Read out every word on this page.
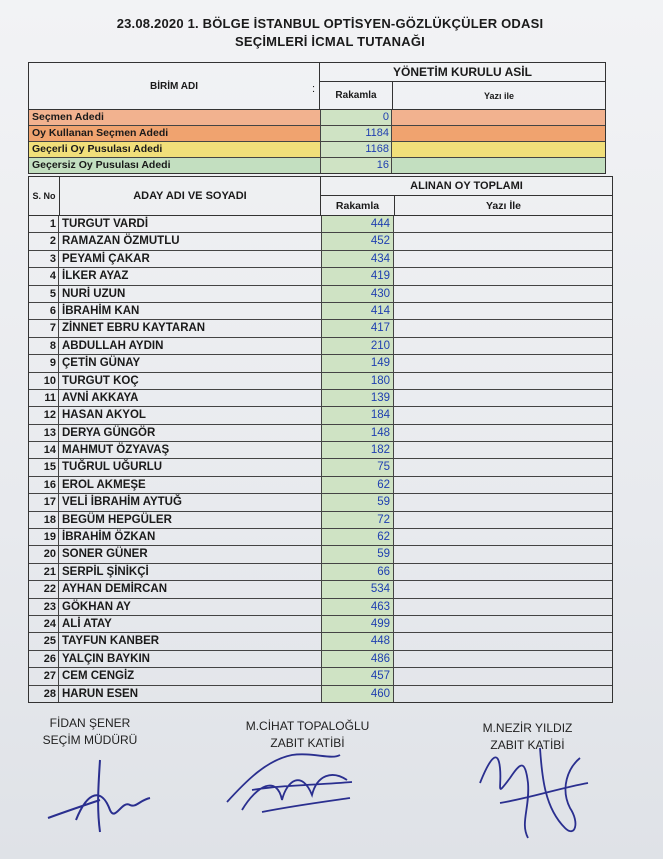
23.08.2020 1. BÖLGE İSTANBUL OPTİSYEN-GÖZLÜKÇÜLER ODASI
SEÇİMLERİ İCMAL TUTANAĞI
BİRİM ADI	:
YÖNETİM KURULU ASİL
Rakamla	Yazı ile
Seçmen Adedi	0
Oy Kullanan Seçmen Adedi	1184
Geçerli Oy Pusulası Adedi	1168
Geçersiz Oy Pusulası Adedi	16
S. No	ADAY ADI VE SOYADI
ALINAN OY TOPLAMI
Rakamla	Yazı İle
1 TURGUT VARDİ	444
2 RAMAZAN ÖZMUTLU	452
3 PEYAMİ ÇAKAR	434
4 İLKER AYAZ	419
5 NURİ UZUN	430
6 İBRAHİM KAN	414
7 ZİNNET EBRU KAYTARAN	417
8 ABDULLAH AYDIN	210
9 ÇETİN GÜNAY	149
10 TURGUT KOÇ	180
11 AVNİ AKKAYA	139
12 HASAN AKYOL	184
13 DERYA GÜNGÖR	148
14 MAHMUT ÖZYAVAŞ	182
15 TUĞRUL UĞURLU	75
16 EROL AKMEŞE	62
17 VELİ İBRAHİM AYTUĞ	59
18 BEGÜM HEPGÜLER	72
19 İBRAHİM ÖZKAN	62
20 SONER GÜNER	59
21 SERPİL ŞİNİKÇİ	66
22 AYHAN DEMİRCAN	534
23 GÖKHAN AY	463
24 ALİ ATAY	499
25 TAYFUN KANBER	448
26 YALÇIN BAYKIN	486
27 CEM CENGİZ	457
28 HARUN ESEN	460
FİDAN ŞENER
SEÇİM MÜDÜRÜ
M.CİHAT TOPALOĞLU
ZABIT KATİBİ
M.NEZİR YILDIZ
ZABIT KATİBİ
